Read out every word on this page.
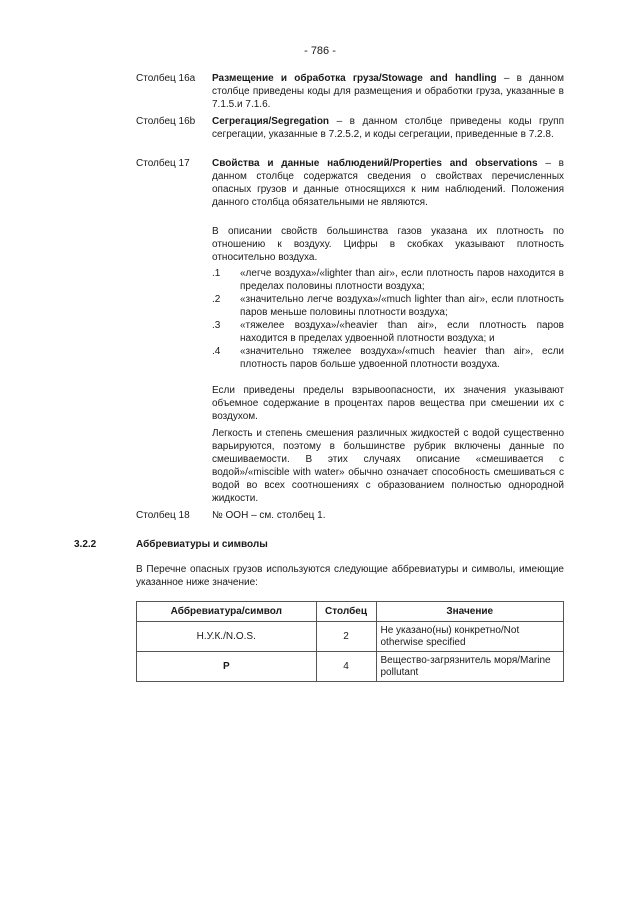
- 786 -
Столбец 16a Размещение и обработка груза/Stowage and handling – в данном столбце приведены коды для размещения и обработки груза, указанные в 7.1.5.и 7.1.6.
Столбец 16b Сегрегация/Segregation – в данном столбце приведены коды групп сегрегации, указанные в 7.2.5.2, и коды сегрегации, приведенные в 7.2.8.
Столбец 17 Свойства и данные наблюдений/Properties and observations – в данном столбце содержатся сведения о свойствах перечисленных опасных грузов и данные относящихся к ним наблюдений. Положения данного столбца обязательными не являются.
В описании свойств большинства газов указана их плотность по отношению к воздуху. Цифры в скобках указывают плотность относительно воздуха.
.1 «легче воздуха»/«lighter than air», если плотность паров находится в пределах половины плотности воздуха;
.2 «значительно легче воздуха»/«much lighter than air», если плотность паров меньше половины плотности воздуха;
.3 «тяжелее воздуха»/«heavier than air», если плотность паров находится в пределах удвоенной плотности воздуха; и
.4 «значительно тяжелее воздуха»/«much heavier than air», если плотность паров больше удвоенной плотности воздуха.
Если приведены пределы взрывоопасности, их значения указывают объемное содержание в процентах паров вещества при смешении их с воздухом.
Легкость и степень смешения различных жидкостей с водой существенно варьируются, поэтому в большинстве рубрик включены данные по смешиваемости. В этих случаях описание «смешивается с водой»/«miscible with water» обычно означает способность смешиваться с водой во всех соотношениях с образованием полностью однородной жидкости.
Столбец 18 № ООН – см. столбец 1.
3.2.2	Аббревиатуры и символы
В Перечне опасных грузов используются следующие аббревиатуры и символы, имеющие указанное ниже значение:
Аббревиатура/символ	Столбец	Значение
Н.У.К./N.O.S.	2	Не указано(ны) конкретно/Not otherwise specified
P	4	Вещество-загрязнитель моря/Marine pollutant
